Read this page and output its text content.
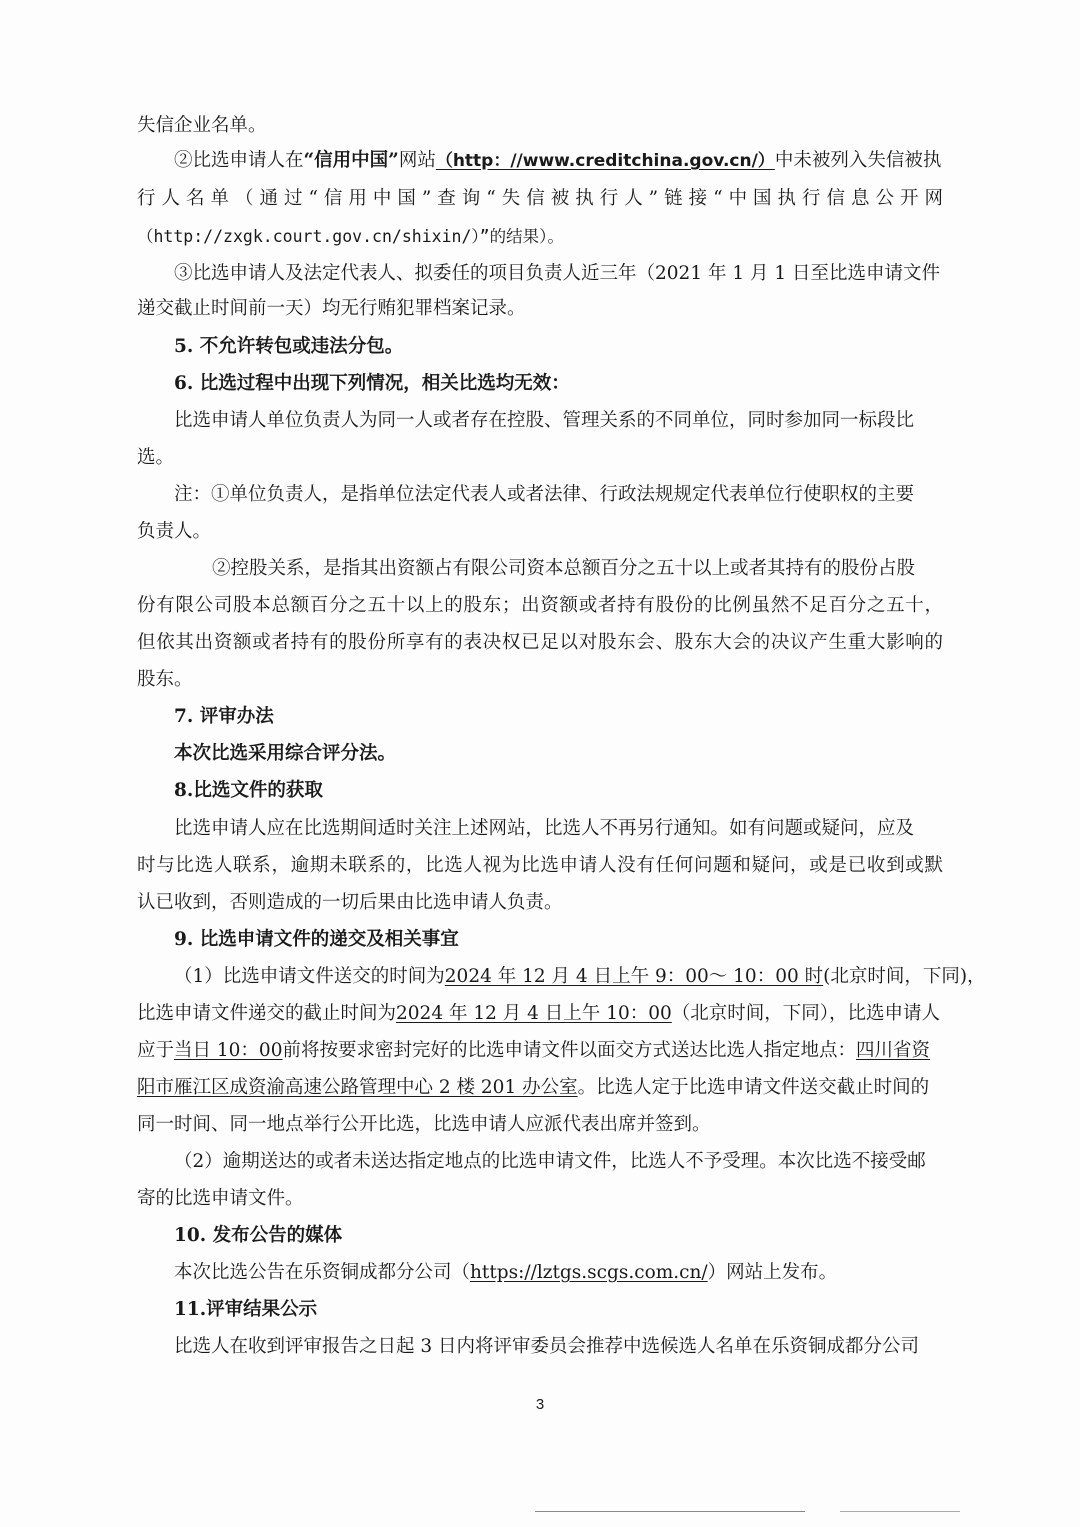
失信企业名单。
②比选申请人在“信用中国”网站（http：//www.creditchina.gov.cn/）中未被列入失信被执
行人名单（通过“信用中国”查询“失信被执行人”链接“中国执行信息公开网
（http://zxgk.court.gov.cn/shixin/）”的结果）。
③比选申请人及法定代表人、拟委任的项目负责人近三年（2021 年 1 月 1 日至比选申请文件
递交截止时间前一天）均无行贿犯罪档案记录。
5. 不允许转包或违法分包。
6. 比选过程中出现下列情况，相关比选均无效：
比选申请人单位负责人为同一人或者存在控股、管理关系的不同单位，同时参加同一标段比
选。
注：①单位负责人，是指单位法定代表人或者法律、行政法规规定代表单位行使职权的主要
负责人。
②控股关系，是指其出资额占有限公司资本总额百分之五十以上或者其持有的股份占股
份有限公司股本总额百分之五十以上的股东；出资额或者持有股份的比例虽然不足百分之五十，
但依其出资额或者持有的股份所享有的表决权已足以对股东会、股东大会的决议产生重大影响的
股东。
7. 评审办法
本次比选采用综合评分法。
8.比选文件的获取
比选申请人应在比选期间适时关注上述网站，比选人不再另行通知。如有问题或疑问，应及
时与比选人联系，逾期未联系的，比选人视为比选申请人没有任何问题和疑问，或是已收到或默
认已收到，否则造成的一切后果由比选申请人负责。
9. 比选申请文件的递交及相关事宜
（1）比选申请文件送交的时间为2024 年 12 月 4 日上午 9：00～ 10：00 时(北京时间，下同)，
比选申请文件递交的截止时间为2024 年 12 月 4 日上午 10：00（北京时间，下同），比选申请人
应于当日 10：00前将按要求密封完好的比选申请文件以面交方式送达比选人指定地点：四川省资
阳市雁江区成资渝高速公路管理中心 2 楼 201 办公室。比选人定于比选申请文件送交截止时间的
同一时间、同一地点举行公开比选，比选申请人应派代表出席并签到。
（2）逾期送达的或者未送达指定地点的比选申请文件，比选人不予受理。本次比选不接受邮
寄的比选申请文件。
10. 发布公告的媒体
本次比选公告在乐资铜成都分公司（https://lztgs.scgs.com.cn/）网站上发布。
11.评审结果公示
比选人在收到评审报告之日起 3 日内将评审委员会推荐中选候选人名单在乐资铜成都分公司
3
